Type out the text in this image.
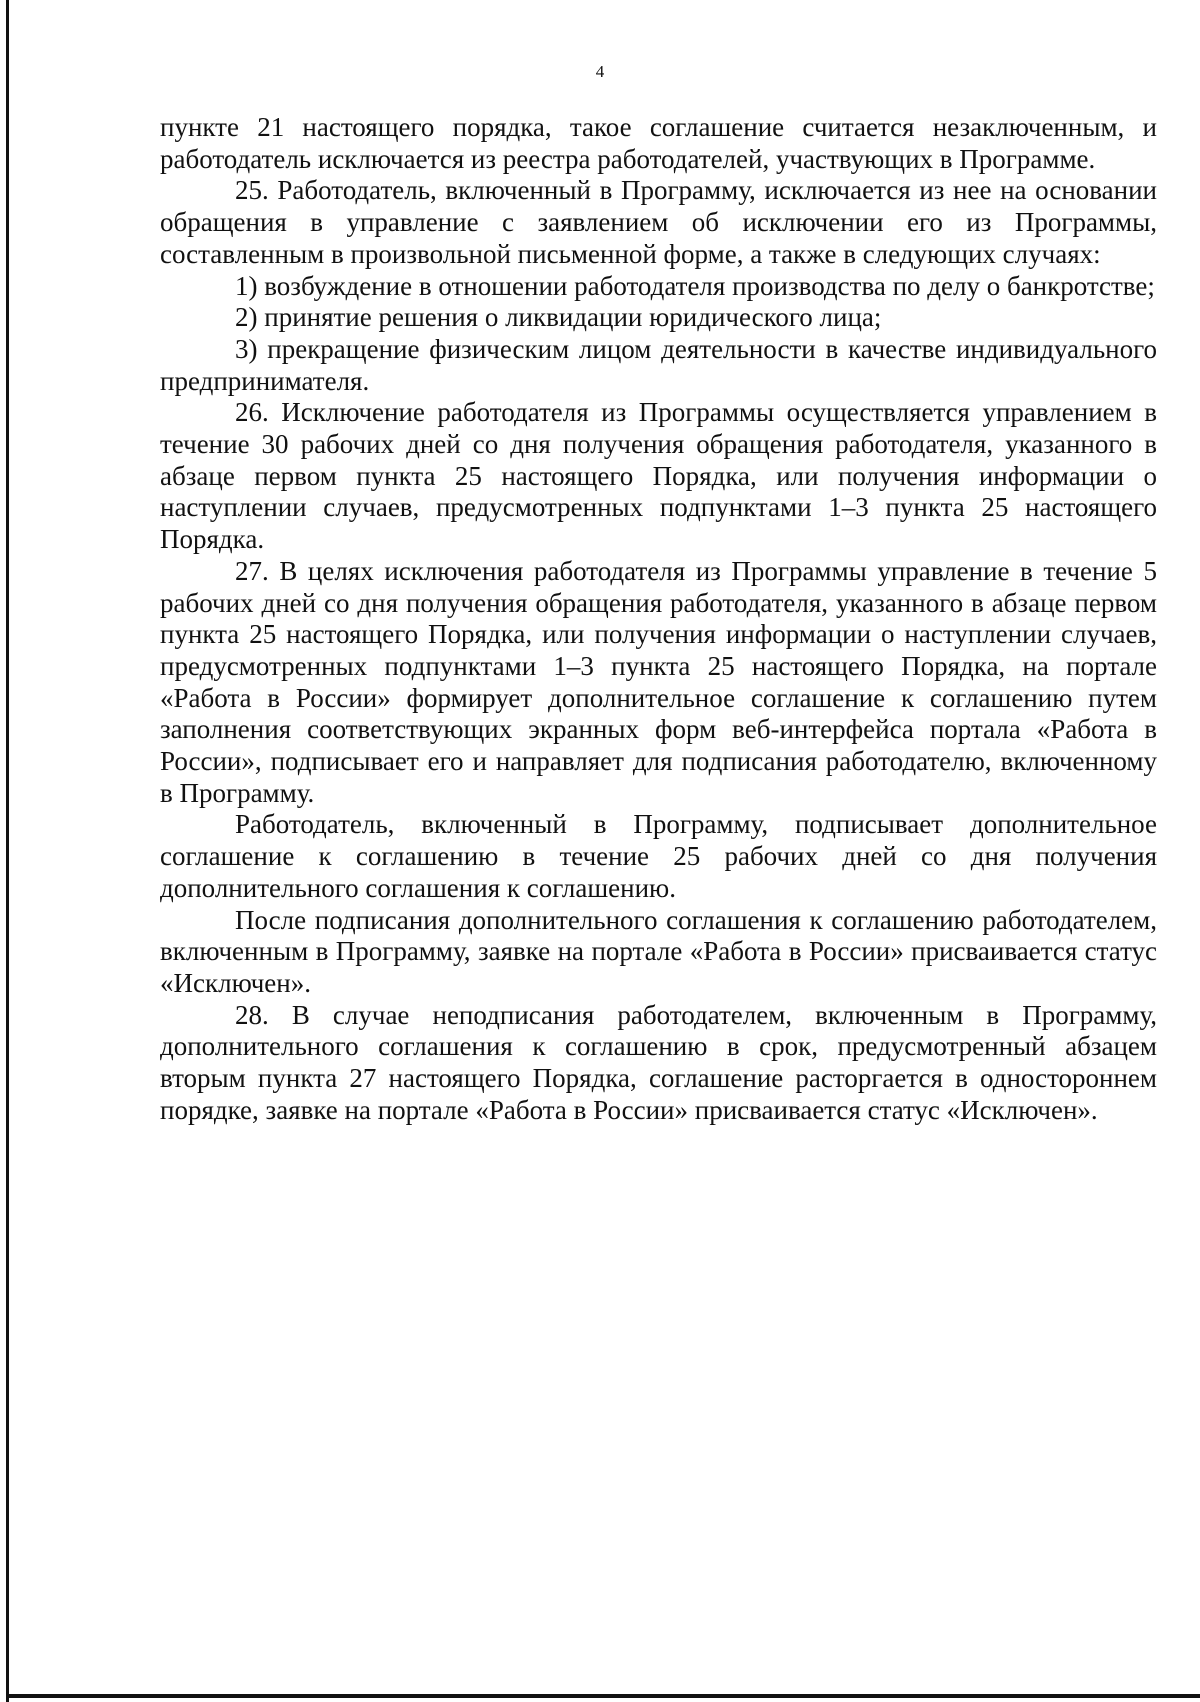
4

пункте 21 настоящего порядка, такое соглашение считается незаключенным, и работодатель исключается из реестра работодателей, участвующих в Программе.

25. Работодатель, включенный в Программу, исключается из нее на основании обращения в управление с заявлением об исключении его из Программы, составленным в произвольной письменной форме, а также в следующих случаях:

1) возбуждение в отношении работодателя производства по делу о банкротстве;

2) принятие решения о ликвидации юридического лица;

3) прекращение физическим лицом деятельности в качестве индивидуального предпринимателя.

26. Исключение работодателя из Программы осуществляется управлением в течение 30 рабочих дней со дня получения обращения работодателя, указанного в абзаце первом пункта 25 настоящего Порядка, или получения информации о наступлении случаев, предусмотренных подпунктами 1–3 пункта 25 настоящего Порядка.

27. В целях исключения работодателя из Программы управление в течение 5 рабочих дней со дня получения обращения работодателя, указанного в абзаце первом пункта 25 настоящего Порядка, или получения информации о наступлении случаев, предусмотренных подпунктами 1–3 пункта 25 настоящего Порядка, на портале «Работа в России» формирует дополнительное соглашение к соглашению путем заполнения соответствующих экранных форм веб-интерфейса портала «Работа в России», подписывает его и направляет для подписания работодателю, включенному в Программу.

Работодатель, включенный в Программу, подписывает дополнительное соглашение к соглашению в течение 25 рабочих дней со дня получения дополнительного соглашения к соглашению.

После подписания дополнительного соглашения к соглашению работодателем, включенным в Программу, заявке на портале «Работа в России» присваивается статус «Исключен».

28. В случае неподписания работодателем, включенным в Программу, дополнительного соглашения к соглашению в срок, предусмотренный абзацем вторым пункта 27 настоящего Порядка, соглашение расторгается в одностороннем порядке, заявке на портале «Работа в России» присваивается статус «Исключен».
